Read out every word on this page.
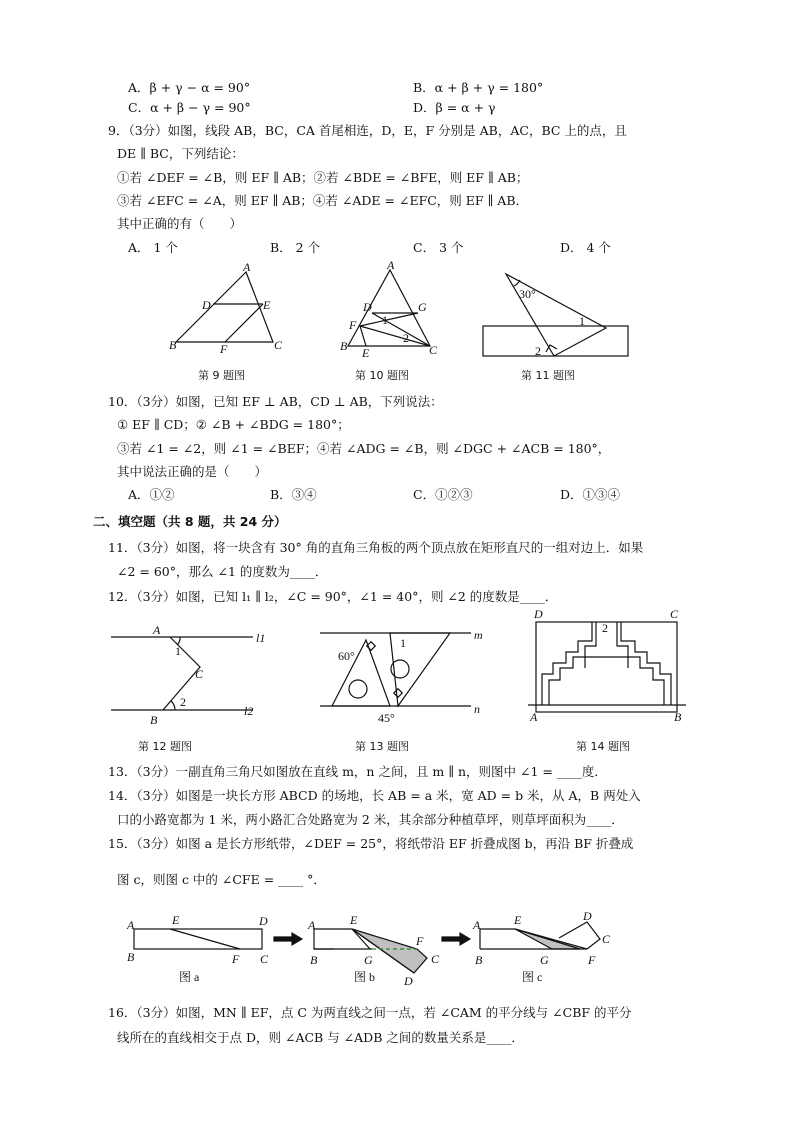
A．β + γ − α = 90°	B．α + β + γ = 180°
C．α + β − γ = 90°	D．β = α + γ
9．（3分）如图，线段 AB，BC，CA 首尾相连，D，E，F 分别是 AB，AC，BC 上的点，且
DE ∥ BC，下列结论：
①若 ∠DEF = ∠B，则 EF ∥ AB；②若 ∠BDE = ∠BFE，则 EF ∥ AB；
③若 ∠EFC = ∠A，则 EF ∥ AB；④若 ∠ADE = ∠EFC，则 EF ∥ AB．
其中正确的有（　　）
A． 1 个	B． 2 个	C． 3 个	D． 4 个
A
D	E
B	F	C
第 9 题图
A
D	G
F 1
2
B E	C
第 10 题图
30°
1
2
第 11 题图
10．（3分）如图，已知 EF ⊥ AB，CD ⊥ AB，下列说法：
① EF ∥ CD；② ∠B + ∠BDG = 180°；
③若 ∠1 = ∠2，则 ∠1 = ∠BEF；④若 ∠ADG = ∠B，则 ∠DGC + ∠ACB = 180°，
其中说法正确的是（　　）
A．①②	B．③④	C．①②③	D．①③④
二、填空题（共 8 题，共 24 分）
11．（3分）如图，将一块含有 30° 角的直角三角板的两个顶点放在矩形直尺的一组对边上．如果
∠2 = 60°，那么 ∠1 的度数为____．
12．（3分）如图，已知 l₁ ∥ l₂，∠C = 90°，∠1 = 40°，则 ∠2 的度数是____．
A
1
C
2
B
l1
l2
第 12 题图
60°
1
45°
m
n
第 13 题图
D
2
C
A	B
第 14 题图
13．（3分）一副直角三角尺如图放在直线 m，n 之间，且 m ∥ n，则图中 ∠1 = ____度．
14．（3分）如图是一块长方形 ABCD 的场地，长 AB = a 米，宽 AD = b 米，从 A，B 两处入
口的小路宽都为 1 米，两小路汇合处路宽为 2 米，其余部分种植草坪，则草坪面积为____．
15．（3分）如图 a 是长方形纸带，∠DEF = 25°，将纸带沿 EF 折叠成图 b，再沿 BF 折叠成
图 c，则图 c 中的 ∠CFE = ____ °．
A	E	D
B	F C
图 a
A	E
F
B	G	C
D
图 b
A	E	D
C
B	G	F
图 c
16．（3分）如图，MN ∥ EF，点 C 为两直线之间一点，若 ∠CAM 的平分线与 ∠CBF 的平分
线所在的直线相交于点 D，则 ∠ACB 与 ∠ADB 之间的数量关系是____．
